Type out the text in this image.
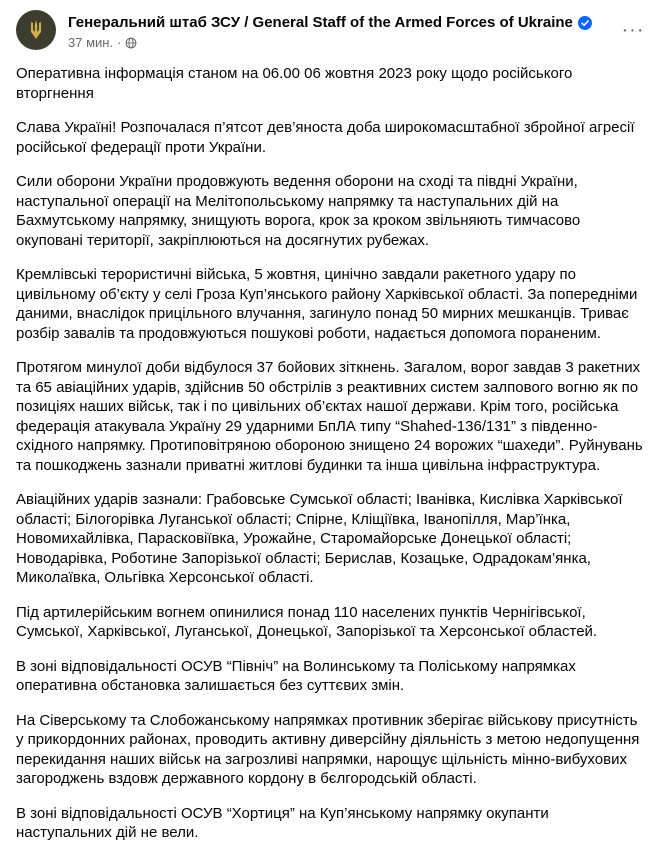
Генеральний штаб ЗСУ / General Staff of the Armed Forces of Ukraine
37 мин. ·
···

Оперативна інформація станом на 06.00 06 жовтня 2023 року щодо російського вторгнення

Слава Україні! Розпочалася п’ятсот дев’яноста доба широкомасштабної збройної агресії російської федерації проти України.

Сили оборони України продовжують ведення оборони на сході та півдні України, наступальної операції на Мелітопольському напрямку та наступальних дій на Бахмутському напрямку, знищують ворога, крок за кроком звільняють тимчасово окуповані території, закріплюються на досягнутих рубежах.

Кремлівські терористичні війська, 5 жовтня, цинічно завдали ракетного удару по цивільному об’єкту у селі Гроза Куп’янського району Харківської області. За попередніми даними, внаслідок прицільного влучання, загинуло понад 50 мирних мешканців. Триває розбір завалів та продовжуються пошукові роботи, надається допомога пораненим.

Протягом минулої доби відбулося 37 бойових зіткнень. Загалом, ворог завдав 3 ракетних та 65 авіаційних ударів, здійснив 50 обстрілів з реактивних систем залпового вогню як по позиціях наших військ, так і по цивільних об’єктах нашої держави. Крім того, російська федерація атакувала Україну 29 ударними БпЛА типу “Shahed-136/131” з південно-східного напрямку. Протиповітряною обороною знищено 24 ворожих “шахеди”. Руйнувань та пошкоджень зазнали приватні житлові будинки та інша цивільна інфраструктура.

Авіаційних ударів зазнали: Грабовське Сумської області; Іванівка, Кислівка Харківської області; Білогорівка Луганської області; Спірне, Кліщіївка, Іванопілля, Мар’їнка, Новомихайлівка, Парасковіївка, Урожайне, Старомайорське Донецької області; Новодарівка, Роботине Запорізької області; Берислав, Козацьке, Одрадокам’янка, Миколаївка, Ольгівка Херсонської області.

Під артилерійським вогнем опинилися понад 110 населених пунктів Чернігівської, Сумської, Харківської, Луганської, Донецької, Запорізької та Херсонської областей.

В зоні відповідальності ОСУВ “Північ” на Волинському та Поліському напрямках оперативна обстановка залишається без суттєвих змін.

На Сіверському та Слобожанському напрямках противник зберігає військову присутність у прикордонних районах, проводить активну диверсійну діяльність з метою недопущення перекидання наших військ на загрозливі напрямки, нарощує щільність мінно-вибухових загороджень вздовж державного кордону в бєлгородській області.

В зоні відповідальності ОСУВ “Хортиця” на Куп’янському напрямку окупанти наступальних дій не вели.
